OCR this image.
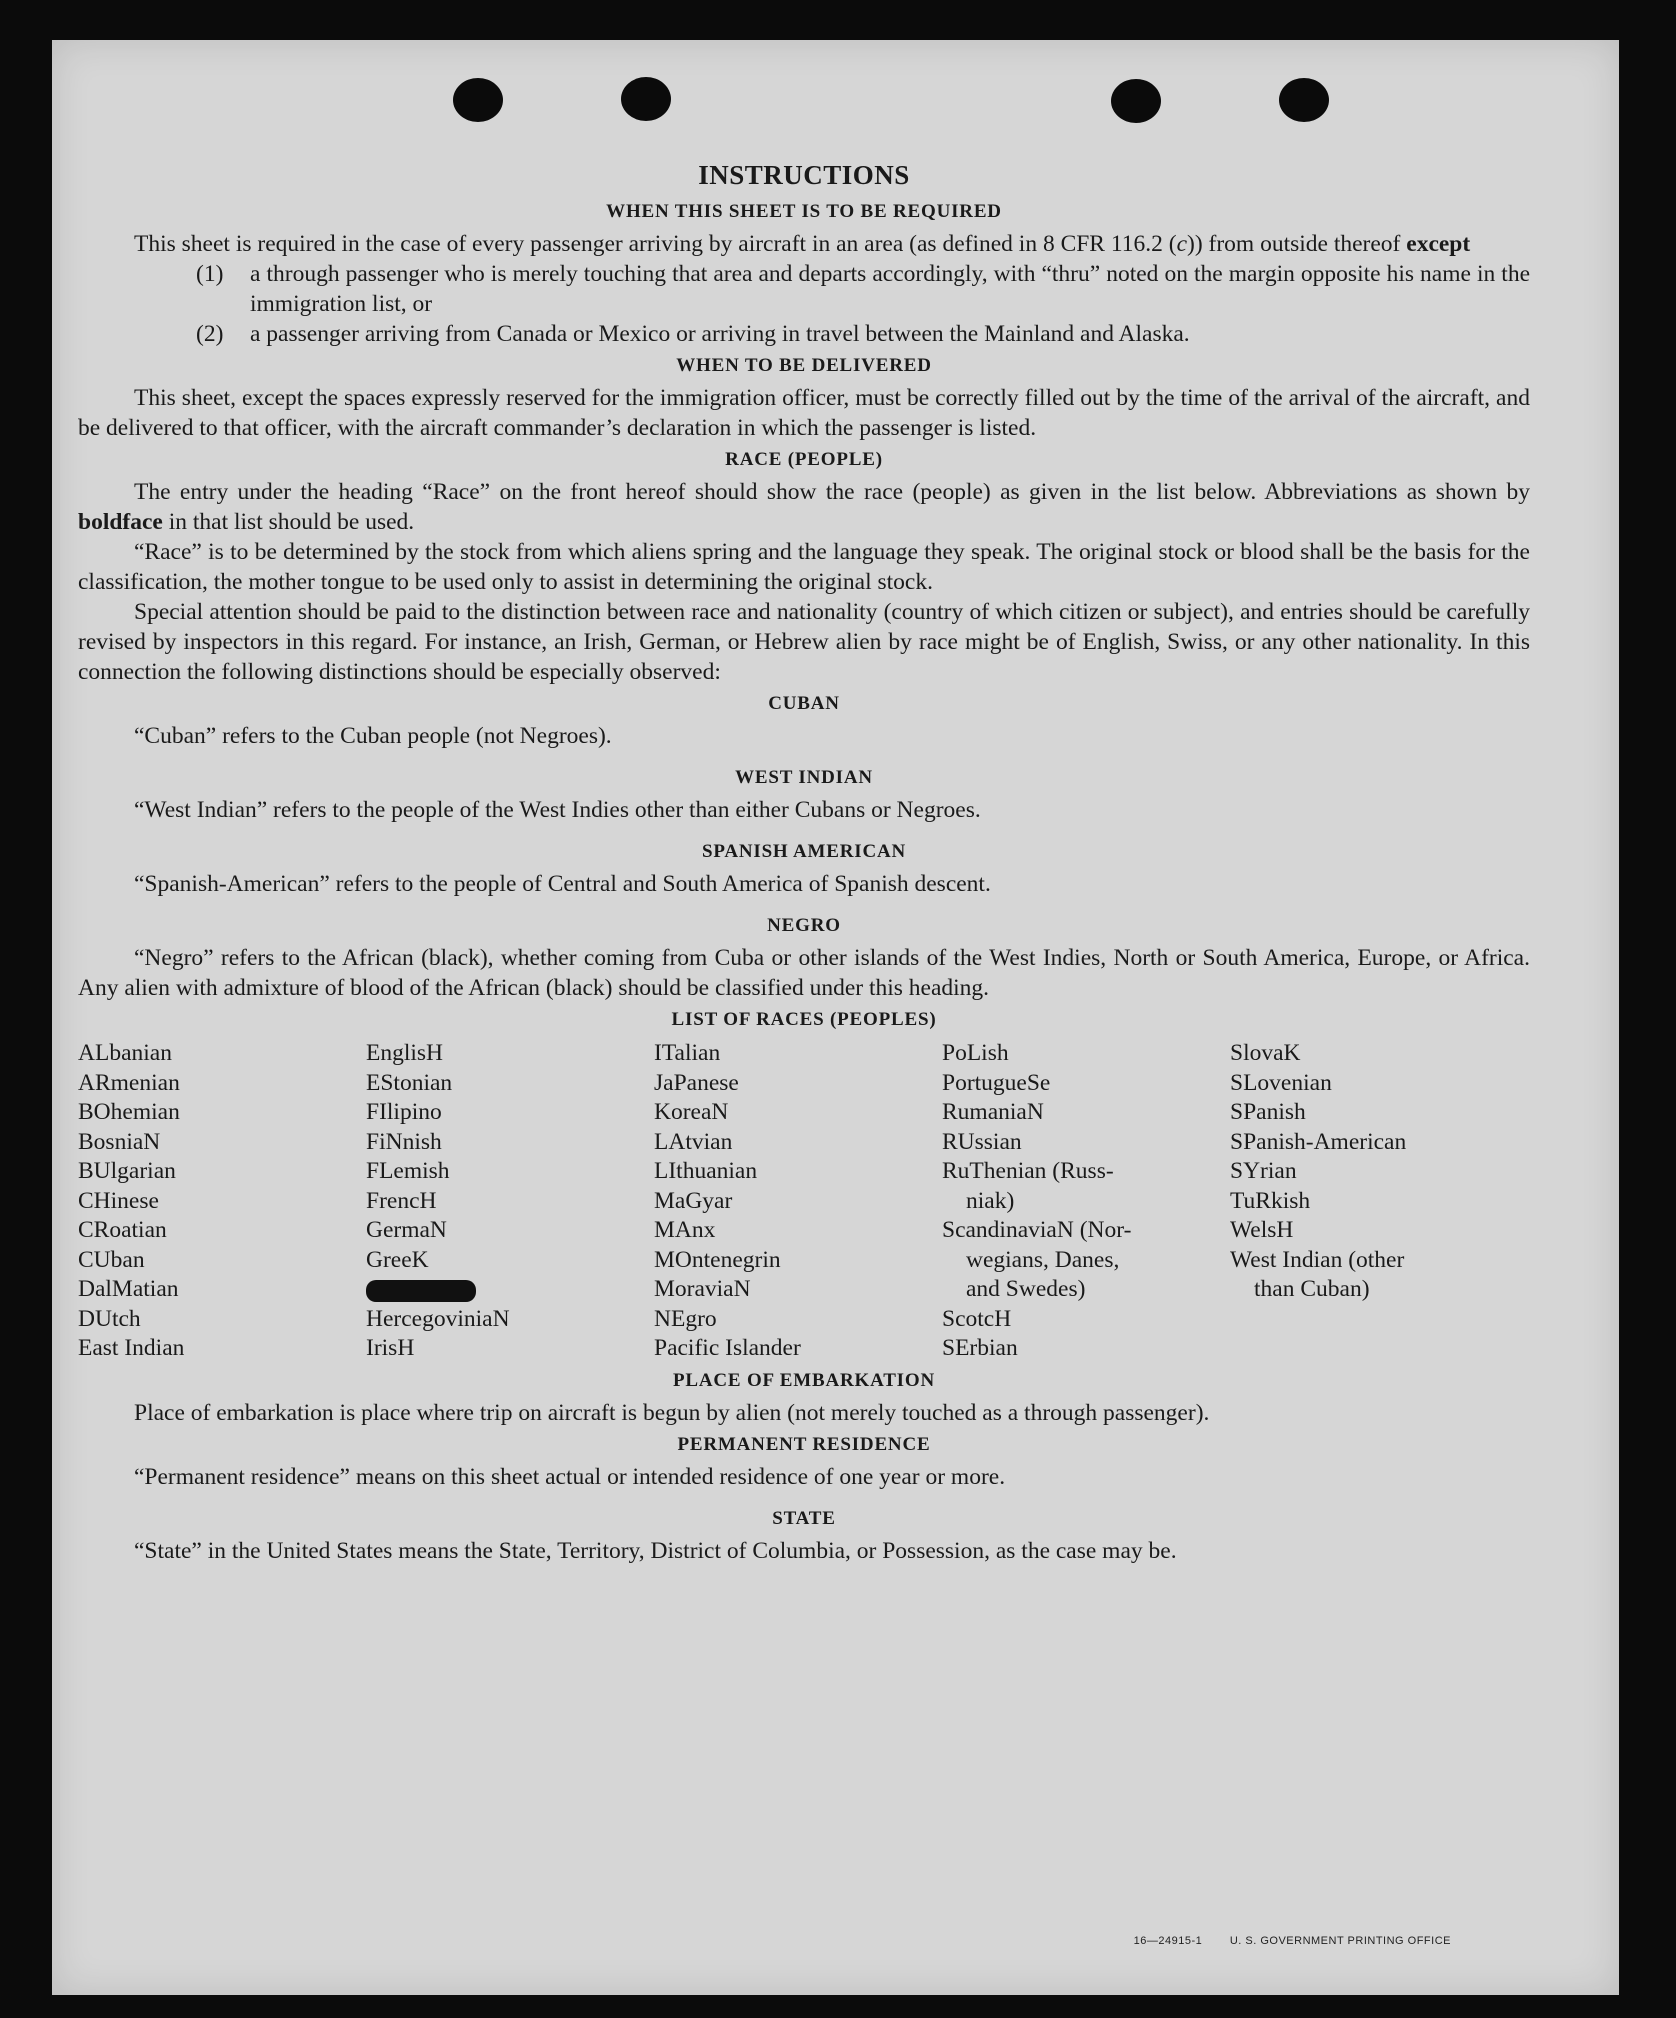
INSTRUCTIONS
WHEN THIS SHEET IS TO BE REQUIRED

This sheet is required in the case of every passenger arriving by aircraft in an area (as defined in 8 CFR 116.2 (c)) from outside thereof except

(1)	a through passenger who is merely touching that area and departs accordingly, with “thru” noted on the margin opposite his name in the immigration list, or
(2)	a passenger arriving from Canada or Mexico or arriving in travel between the Mainland and Alaska.
WHEN TO BE DELIVERED

This sheet, except the spaces expressly reserved for the immigration officer, must be correctly filled out by the time of the arrival of the aircraft, and be delivered to that officer, with the aircraft commander’s declaration in which the passenger is listed.

RACE (PEOPLE)

The entry under the heading “Race” on the front hereof should show the race (people) as given in the list below. Abbreviations as shown by boldface in that list should be used.

“Race” is to be determined by the stock from which aliens spring and the language they speak. The original stock or blood shall be the basis for the classification, the mother tongue to be used only to assist in determining the original stock.

Special attention should be paid to the distinction between race and nationality (country of which citizen or subject), and entries should be carefully revised by inspectors in this regard. For instance, an Irish, German, or Hebrew alien by race might be of English, Swiss, or any other nationality. In this connection the following distinctions should be especially observed:

CUBAN

“Cuban” refers to the Cuban people (not Negroes).

WEST INDIAN

“West Indian” refers to the people of the West Indies other than either Cubans or Negroes.

SPANISH AMERICAN

“Spanish-American” refers to the people of Central and South America of Spanish descent.

NEGRO

“Negro” refers to the African (black), whether coming from Cuba or other islands of the West Indies, North or South America, Europe, or Africa. Any alien with admixture of blood of the African (black) should be classified under this heading.

LIST OF RACES (PEOPLES)
ALbanian
ARmenian
BOhemian
BosniaN
BUlgarian
CHinese
CRoatian
CUban
DalMatian
DUtch
East Indian
EnglisH
EStonian
FIlipino
FiNnish
FLemish
FrencH
GermaN
GreeK
HercegoviniaN
IrisH
ITalian
JaPanese
KoreaN
LAtvian
LIthuanian
MaGyar
MAnx
MOntenegrin
MoraviaN
NEgro
Pacific Islander
PoLish
PortugueSe
RumaniaN
RUssian
RuThenian (Russ-
niak)
ScandinaviaN (Nor-
wegians, Danes,
and Swedes)
ScotcH
SErbian
SlovaK
SLovenian
SPanish
SPanish-American
SYrian
TuRkish
WelsH
West Indian (other
than Cuban)
PLACE OF EMBARKATION

Place of embarkation is place where trip on aircraft is begun by alien (not merely touched as a through passenger).

PERMANENT RESIDENCE

“Permanent residence” means on this sheet actual or intended residence of one year or more.

STATE

“State” in the United States means the State, Territory, District of Columbia, or Possession, as the case may be.

16—24915-1	U. S. GOVERNMENT PRINTING OFFICE
